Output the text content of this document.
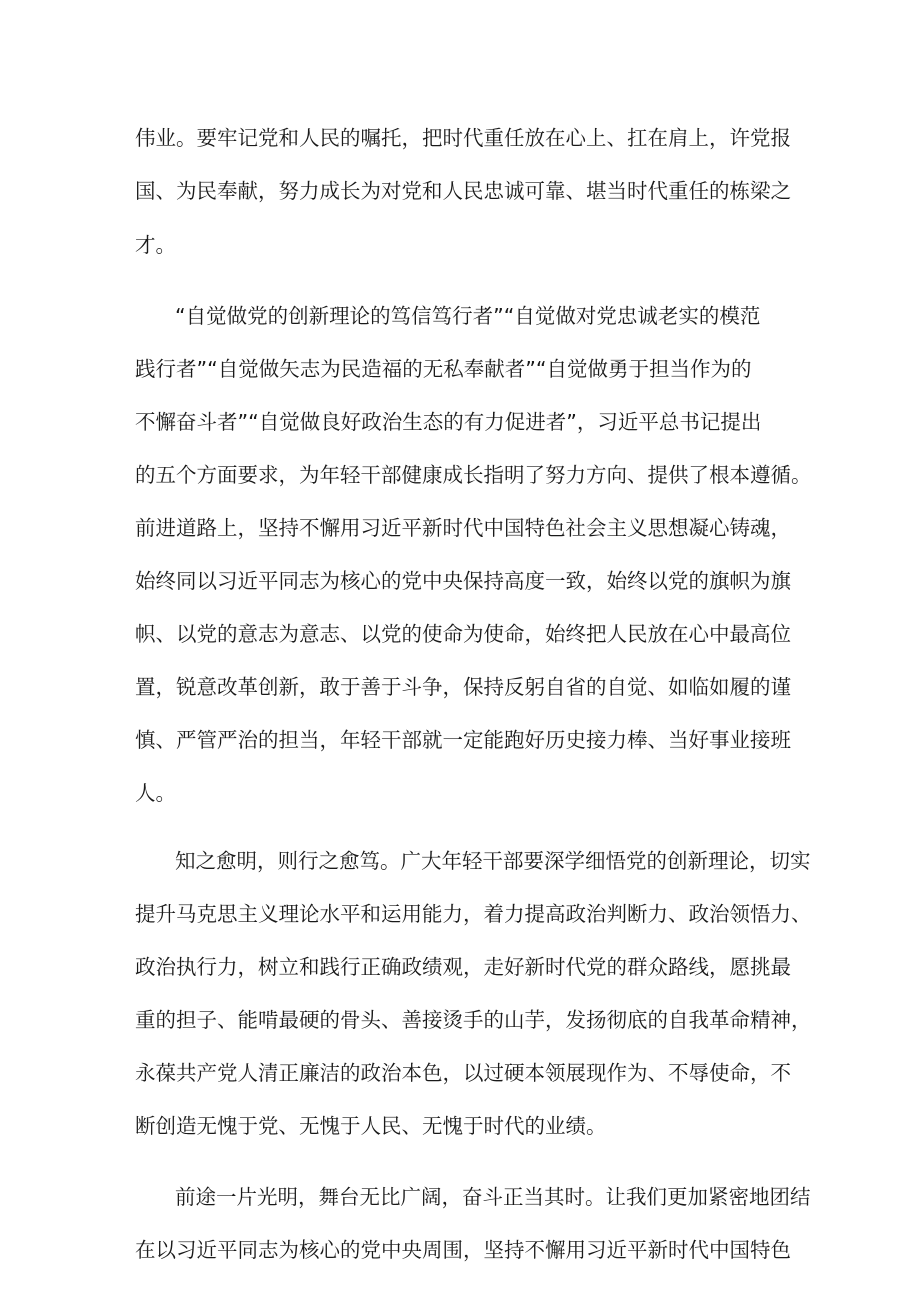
伟业。要牢记党和人民的嘱托，把时代重任放在心上、扛在肩上，许党报
国、为民奉献，努力成长为对党和人民忠诚可靠、堪当时代重任的栋梁之
才。
“自觉做党的创新理论的笃信笃行者”“自觉做对党忠诚老实的模范
践行者”“自觉做矢志为民造福的无私奉献者”“自觉做勇于担当作为的
不懈奋斗者”“自觉做良好政治生态的有力促进者”，习近平总书记提出
的五个方面要求，为年轻干部健康成长指明了努力方向、提供了根本遵循。
前进道路上，坚持不懈用习近平新时代中国特色社会主义思想凝心铸魂，
始终同以习近平同志为核心的党中央保持高度一致，始终以党的旗帜为旗
帜、以党的意志为意志、以党的使命为使命，始终把人民放在心中最高位
置，锐意改革创新，敢于善于斗争，保持反躬自省的自觉、如临如履的谨
慎、严管严治的担当，年轻干部就一定能跑好历史接力棒、当好事业接班
人。
知之愈明，则行之愈笃。广大年轻干部要深学细悟党的创新理论，切实
提升马克思主义理论水平和运用能力，着力提高政治判断力、政治领悟力、
政治执行力，树立和践行正确政绩观，走好新时代党的群众路线，愿挑最
重的担子、能啃最硬的骨头、善接烫手的山芋，发扬彻底的自我革命精神，
永葆共产党人清正廉洁的政治本色，以过硬本领展现作为、不辱使命，不
断创造无愧于党、无愧于人民、无愧于时代的业绩。
前途一片光明，舞台无比广阔，奋斗正当其时。让我们更加紧密地团结
在以习近平同志为核心的党中央周围，坚持不懈用习近平新时代中国特色
